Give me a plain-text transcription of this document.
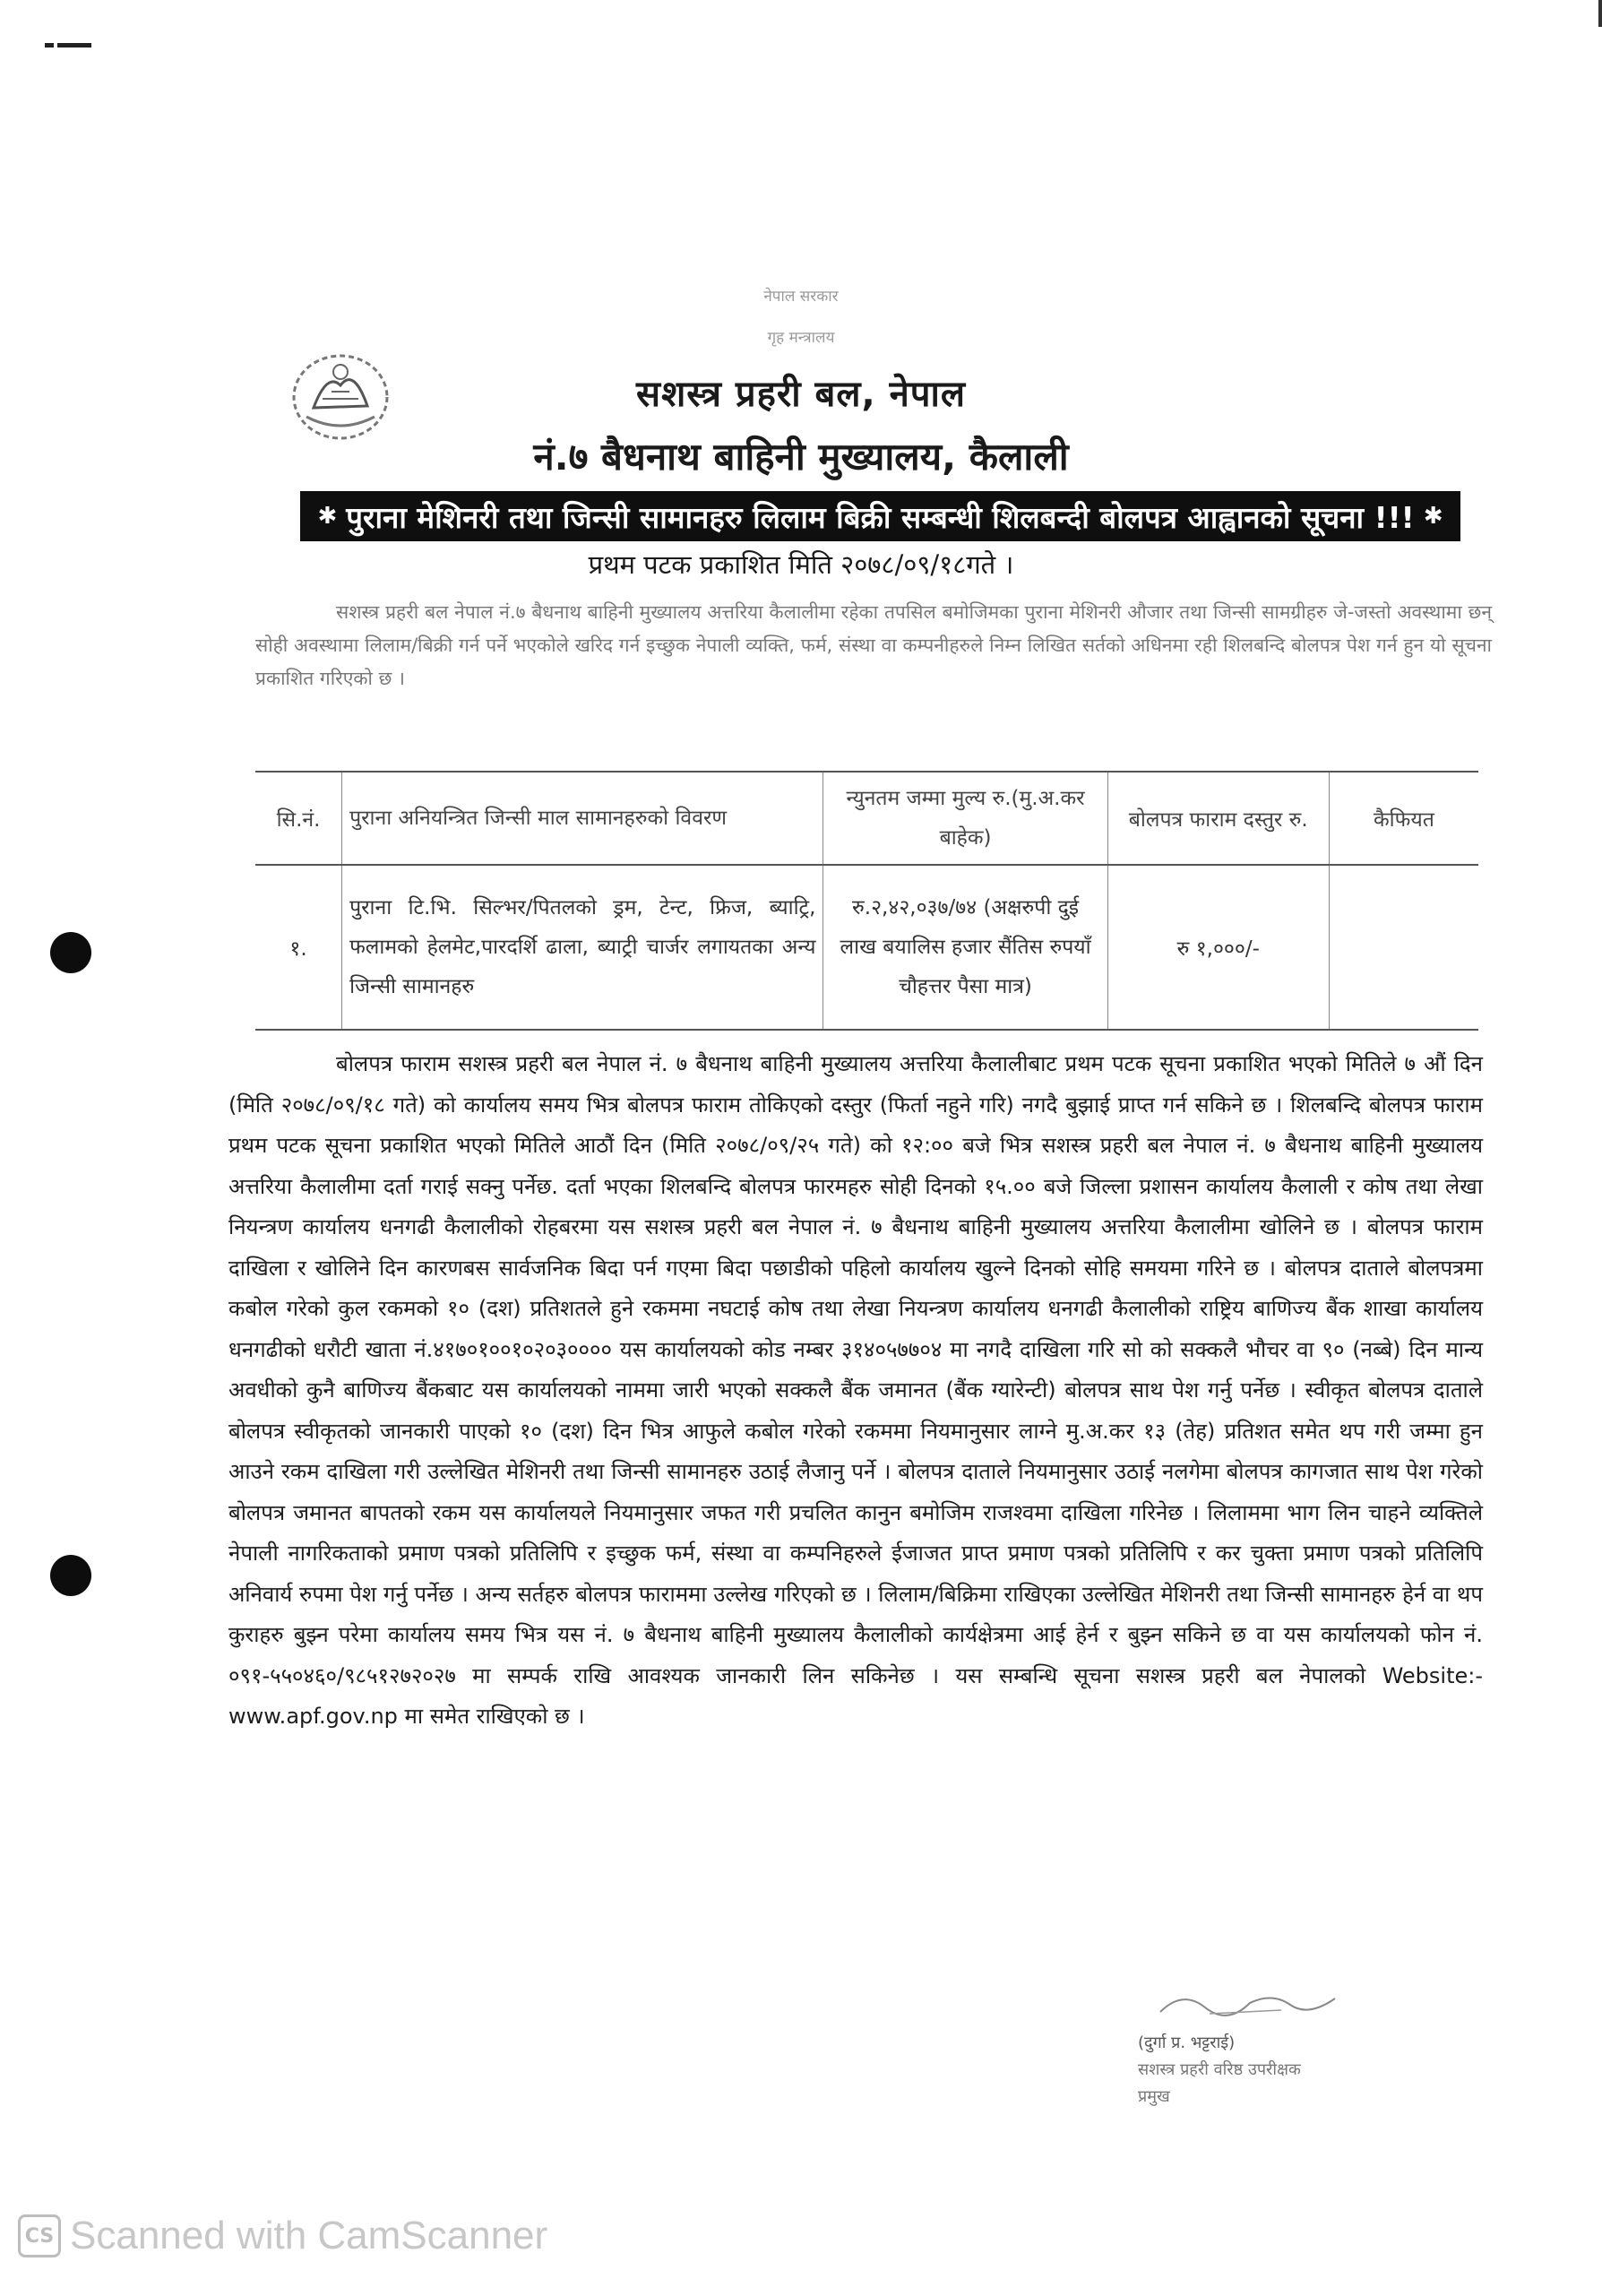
नेपाल सरकार
गृह मन्त्रालय
सशस्त्र प्रहरी बल, नेपाल
नं.७ बैधनाथ बाहिनी मुख्यालय, कैलाली
✱ पुराना मेशिनरी तथा जिन्सी सामानहरु लिलाम बिक्री सम्बन्धी शिलबन्दी बोलपत्र आह्वानको सूचना !!! ✱
प्रथम पटक प्रकाशित मिति २०७८/०९/१८गते ।
सशस्त्र प्रहरी बल नेपाल नं.७ बैधनाथ बाहिनी मुख्यालय अत्तरिया कैलालीमा रहेका तपसिल बमोजिमका पुराना मेशिनरी औजार तथा जिन्सी सामग्रीहरु जे-जस्तो अवस्थामा छन् सोही अवस्थामा लिलाम/बिक्री गर्न पर्ने भएकोले खरिद गर्न इच्छुक नेपाली व्यक्ति, फर्म, संस्था वा कम्पनीहरुले निम्न लिखित सर्तको अधिनमा रही शिलबन्दि बोलपत्र पेश गर्न हुन यो सूचना प्रकाशित गरिएको छ ।
सि.नं.	पुराना अनियन्त्रित जिन्सी माल सामानहरुको विवरण	न्युनतम जम्मा मुल्य रु.(मु.अ.कर बाहेक)	बोलपत्र फाराम दस्तुर रु.	कैफियत
१.	पुराना टि.भि. सिल्भर/पितलको ड्रम, टेन्ट, फ्रिज, ब्याट्रि, फलामको हेलमेट,पारदर्शि ढाला, ब्याट्री चार्जर लगायतका अन्य जिन्सी सामानहरु	रु.२,४२,०३७/७४ (अक्षरुपी दुई लाख बयालिस हजार सैंतिस रुपयाँ चौहत्तर पैसा मात्र)	रु १,०००/-	
बोलपत्र फाराम सशस्त्र प्रहरी बल नेपाल नं. ७ बैधनाथ बाहिनी मुख्यालय अत्तरिया कैलालीबाट प्रथम पटक सूचना प्रकाशित भएको मितिले ७ औं दिन (मिति २०७८/०९/१८ गते) को कार्यालय समय भित्र बोलपत्र फाराम तोकिएको दस्तुर (फिर्ता नहुने गरि) नगदै बुझाई प्राप्त गर्न सकिने छ । शिलबन्दि बोलपत्र फाराम प्रथम पटक सूचना प्रकाशित भएको मितिले आठौं दिन (मिति २०७८/०९/२५ गते) को १२:०० बजे भित्र सशस्त्र प्रहरी बल नेपाल नं. ७ बैधनाथ बाहिनी मुख्यालय अत्तरिया कैलालीमा दर्ता गराई सक्नु पर्नेछ. दर्ता भएका शिलबन्दि बोलपत्र फारमहरु सोही दिनको १५.०० बजे जिल्ला प्रशासन कार्यालय कैलाली र कोष तथा लेखा नियन्त्रण कार्यालय धनगढी कैलालीको रोहबरमा यस सशस्त्र प्रहरी बल नेपाल नं. ७ बैधनाथ बाहिनी मुख्यालय अत्तरिया कैलालीमा खोलिने छ । बोलपत्र फाराम दाखिला र खोलिने दिन कारणबस सार्वजनिक बिदा पर्न गएमा बिदा पछाडीको पहिलो कार्यालय खुल्ने दिनको सोहि समयमा गरिने छ । बोलपत्र दाताले बोलपत्रमा कबोल गरेको कुल रकमको १० (दश) प्रतिशतले हुने रकममा नघटाई कोष तथा लेखा नियन्त्रण कार्यालय धनगढी कैलालीको राष्ट्रिय बाणिज्य बैंक शाखा कार्यालय धनगढीको धरौटी खाता नं.४१७०१००१०२०३०००० यस कार्यालयको कोड नम्बर ३१४०५७७०४ मा नगदै दाखिला गरि सो को सक्कलै भौचर वा ९० (नब्बे) दिन मान्य अवधीको कुनै बाणिज्य बैंकबाट यस कार्यालयको नाममा जारी भएको सक्कलै बैंक जमानत (बैंक ग्यारेन्टी) बोलपत्र साथ पेश गर्नु पर्नेछ । स्वीकृत बोलपत्र दाताले बोलपत्र स्वीकृतको जानकारी पाएको १० (दश) दिन भित्र आफुले कबोल गरेको रकममा नियमानुसार लाग्ने मु.अ.कर १३ (तेह) प्रतिशत समेत थप गरी जम्मा हुन आउने रकम दाखिला गरी उल्लेखित मेशिनरी तथा जिन्सी सामानहरु उठाई लैजानु पर्ने । बोलपत्र दाताले नियमानुसार उठाई नलगेमा बोलपत्र कागजात साथ पेश गरेको बोलपत्र जमानत बापतको रकम यस कार्यालयले नियमानुसार जफत गरी प्रचलित कानुन बमोजिम राजश्वमा दाखिला गरिनेछ । लिलाममा भाग लिन चाहने व्यक्तिले नेपाली नागरिकताको प्रमाण पत्रको प्रतिलिपि र इच्छुक फर्म, संस्था वा कम्पनिहरुले ईजाजत प्राप्त प्रमाण पत्रको प्रतिलिपि र कर चुक्ता प्रमाण पत्रको प्रतिलिपि अनिवार्य रुपमा पेश गर्नु पर्नेछ । अन्य सर्तहरु बोलपत्र फाराममा उल्लेख गरिएको छ । लिलाम/बिक्रिमा राखिएका उल्लेखित मेशिनरी तथा जिन्सी सामानहरु हेर्न वा थप कुराहरु बुझ्न परेमा कार्यालय समय भित्र यस नं. ७ बैधनाथ बाहिनी मुख्यालय कैलालीको कार्यक्षेत्रमा आई हेर्न र बुझ्न सकिने छ वा यस कार्यालयको फोन नं. ०९१-५५०४६०/९८५१२७२०२७ मा सम्पर्क राखि आवश्यक जानकारी लिन सकिनेछ । यस सम्बन्धि सूचना सशस्त्र प्रहरी बल नेपालको Website:- www.apf.gov.np मा समेत राखिएको छ ।
(दुर्गा प्र. भट्टराई)
सशस्त्र प्रहरी वरिष्ठ उपरीक्षक
प्रमुख
CS Scanned with CamScanner
